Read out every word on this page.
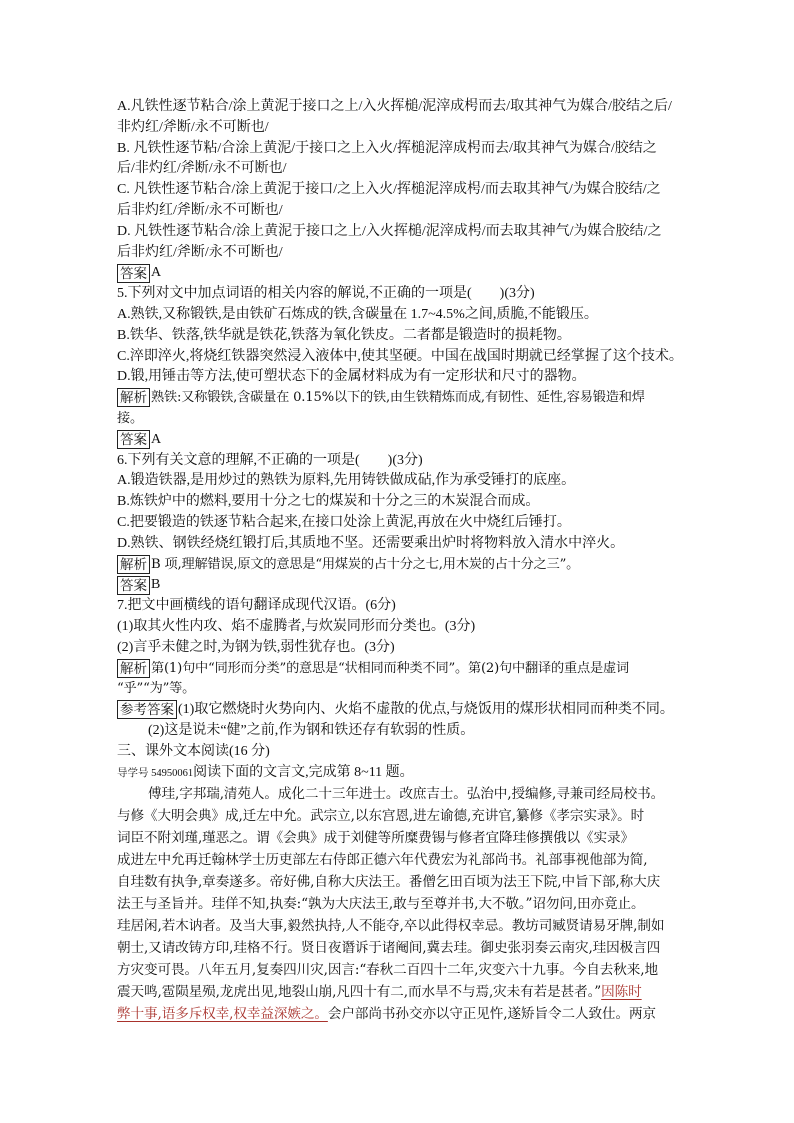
A.凡铁性逐节粘合/涂上黄泥于接口之上/入火挥槌/泥滓成枵而去/取其神气为媒合/胶结之后/
非灼红/斧断/永不可断也/
B. 凡铁性逐节粘/合涂上黄泥/于接口之上入火/挥槌泥滓成枵而去/取其神气为媒合/胶结之
后/非灼红/斧断/永不可断也/
C. 凡铁性逐节粘合/涂上黄泥于接口/之上入火/挥槌泥滓成枵/而去取其神气/为媒合胶结/之
后非灼红/斧断/永不可断也/
D. 凡铁性逐节粘合/涂上黄泥于接口之上/入火挥槌/泥滓成枵/而去取其神气/为媒合胶结/之
后非灼红/斧断/永不可断也/
答案 A
5.下列对文中加点词语的相关内容的解说,不正确的一项是(　　)(3分)
A.熟铁,又称锻铁,是由铁矿石炼成的铁,含碳量在 1.7~4.5%之间,质脆,不能锻压。
B.铁华、铁落,铁华就是铁花,铁落为氧化铁皮。二者都是锻造时的损耗物。
C.淬即淬火,将烧红铁器突然浸入液体中,使其坚硬。中国在战国时期就已经掌握了这个技术。
D.锻,用锤击等方法,使可塑状态下的金属材料成为有一定形状和尺寸的器物。
解析 熟铁:又称锻铁,含碳量在 0.15%以下的铁,由生铁精炼而成,有韧性、延性,容易锻造和焊
接。
答案 A
6.下列有关文意的理解,不正确的一项是(　　)(3分)
A.锻造铁器,是用炒过的熟铁为原料,先用铸铁做成砧,作为承受锤打的底座。
B.炼铁炉中的燃料,要用十分之七的煤炭和十分之三的木炭混合而成。
C.把要锻造的铁逐节粘合起来,在接口处涂上黄泥,再放在火中烧红后锤打。
D.熟铁、钢铁经烧红锻打后,其质地不坚。还需要乘出炉时将物料放入清水中淬火。
解析 B 项,理解错误,原文的意思是“用煤炭的占十分之七,用木炭的占十分之三”。
答案 B
7.把文中画横线的语句翻译成现代汉语。(6分)
(1)取其火性内攻、焰不虚腾者,与炊炭同形而分类也。(3分)
(2)言乎未健之时,为钢为铁,弱性犹存也。(3分)
解析 第(1)句中“同形而分类”的意思是“状相同而种类不同”。第(2)句中翻译的重点是虚词
“乎”“为”等。
参考答案 (1)取它燃烧时火势向内、火焰不虚散的优点,与烧饭用的煤形状相同而种类不同。
(2)这是说未“健”之前,作为钢和铁还存有软弱的性质。
三、课外文本阅读(16 分)
导学号 54950061阅读下面的文言文,完成第 8~11 题。
傅珪,字邦瑞,清苑人。成化二十三年进士。改庶吉士。弘治中,授编修,寻兼司经局校书。
与修《大明会典》成,迁左中允。武宗立,以东宫恩,进左谕德,充讲官,纂修《孝宗实录》。时
词臣不附刘瑾,瑾恶之。谓《会典》成于刘健等所糜费锡与修者宜降珪修撰俄以《实录》
成进左中允再迁翰林学士历吏部左右侍郎正德六年代费宏为礼部尚书。礼部事视他部为简,
自珪数有执争,章奏遂多。帝好佛,自称大庆法王。番僧乞田百顷为法王下院,中旨下部,称大庆
法王与圣旨并。珪佯不知,执奏:“孰为大庆法王,敢与至尊并书,大不敬。”诏勿问,田亦竟止。
珪居闲,若木讷者。及当大事,毅然执持,人不能夺,卒以此得权幸忌。教坊司臧贤请易牙牌,制如
朝士,又请改铸方印,珪格不行。贤日夜谮诉于诸阉间,冀去珪。御史张羽奏云南灾,珪因极言四
方灾变可畏。八年五月,复奏四川灾,因言:“春秋二百四十二年,灾变六十九事。今自去秋来,地
震天鸣,雹陨星殒,龙虎出见,地裂山崩,凡四十有二,而水旱不与焉,灾未有若是甚者。”因陈时
弊十事,语多斥权幸,权幸益深嫉之。会户部尚书孙交亦以守正见忤,遂矫旨令二人致仕。两京
